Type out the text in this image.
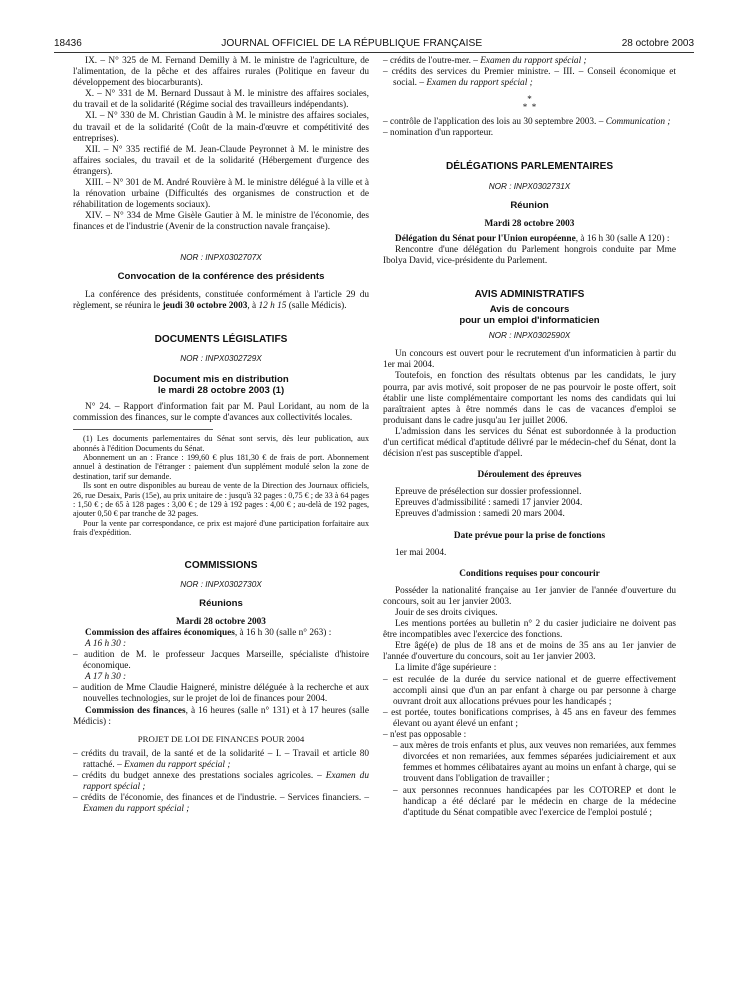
18436	JOURNAL OFFICIEL DE LA RÉPUBLIQUE FRANÇAISE	28 octobre 2003

IX. – N° 325 de M. Fernand Demilly à M. le ministre de l'agriculture, de l'alimentation, de la pêche et des affaires rurales (Politique en faveur du développement des biocarburants).

X. – N° 331 de M. Bernard Dussaut à M. le ministre des affaires sociales, du travail et de la solidarité (Régime social des travailleurs indépendants).

XI. – N° 330 de M. Christian Gaudin à M. le ministre des affaires sociales, du travail et de la solidarité (Coût de la main-d'œuvre et compétitivité des entreprises).

XII. – N° 335 rectifié de M. Jean-Claude Peyronnet à M. le ministre des affaires sociales, du travail et de la solidarité (Hébergement d'urgence des étrangers).

XIII. – N° 301 de M. André Rouvière à M. le ministre délégué à la ville et à la rénovation urbaine (Difficultés des organismes de construction et de réhabilitation de logements sociaux).

XIV. – N° 334 de Mme Gisèle Gautier à M. le ministre de l'économie, des finances et de l'industrie (Avenir de la construction navale française).

NOR : INPX0302707X

Convocation de la conférence des présidents

La conférence des présidents, constituée conformément à l'article 29 du règlement, se réunira le jeudi 30 octobre 2003, à 12 h 15 (salle Médicis).

DOCUMENTS LÉGISLATIFS

NOR : INPX0302729X

Document mis en distribution

le mardi 28 octobre 2003 (1)

N° 24. – Rapport d'information fait par M. Paul Loridant, au nom de la commission des finances, sur le compte d'avances aux collectivités locales.

(1) Les documents parlementaires du Sénat sont servis, dès leur publication, aux abonnés à l'édition Documents du Sénat.

Abonnement un an : France : 199,60 € plus 181,30 € de frais de port. Abonnement annuel à destination de l'étranger : paiement d'un supplément modulé selon la zone de destination, tarif sur demande.

Ils sont en outre disponibles au bureau de vente de la Direction des Journaux officiels, 26, rue Desaix, Paris (15e), au prix unitaire de : jusqu'à 32 pages : 0,75 € ; de 33 à 64 pages : 1,50 € ; de 65 à 128 pages : 3,00 € ; de 129 à 192 pages : 4,00 € ; au-delà de 192 pages, ajouter 0,50 € par tranche de 32 pages.

Pour la vente par correspondance, ce prix est majoré d'une participation forfaitaire aux frais d'expédition.

COMMISSIONS

NOR : INPX0302730X

Réunions

Mardi 28 octobre 2003

Commission des affaires économiques, à 16 h 30 (salle n° 263) :

A 16 h 30 :

– audition de M. le professeur Jacques Marseille, spécialiste d'histoire économique.

A 17 h 30 :

– audition de Mme Claudie Haigneré, ministre déléguée à la recherche et aux nouvelles technologies, sur le projet de loi de finances pour 2004.

Commission des finances, à 16 heures (salle n° 131) et à 17 heures (salle Médicis) :

PROJET DE LOI DE FINANCES POUR 2004

– crédits du travail, de la santé et de la solidarité – I. – Travail et article 80 rattaché. – Examen du rapport spécial ;

– crédits du budget annexe des prestations sociales agricoles. – Examen du rapport spécial ;

– crédits de l'économie, des finances et de l'industrie. – Services financiers. – Examen du rapport spécial ;

– crédits de l'outre-mer. – Examen du rapport spécial ;

– crédits des services du Premier ministre. – III. – Conseil économique et social. – Examen du rapport spécial ;

*
*  *

– contrôle de l'application des lois au 30 septembre 2003. – Communication ;

– nomination d'un rapporteur.

DÉLÉGATIONS PARLEMENTAIRES

NOR : INPX0302731X

Réunion

Mardi 28 octobre 2003

Délégation du Sénat pour l'Union européenne, à 16 h 30 (salle A 120) :

Rencontre d'une délégation du Parlement hongrois conduite par Mme Ibolya David, vice-présidente du Parlement.

AVIS ADMINISTRATIFS

Avis de concours

pour un emploi d'informaticien

NOR : INPX0302590X

Un concours est ouvert pour le recrutement d'un informaticien à partir du 1er mai 2004.

Toutefois, en fonction des résultats obtenus par les candidats, le jury pourra, par avis motivé, soit proposer de ne pas pourvoir le poste offert, soit établir une liste complémentaire comportant les noms des candidats qui lui paraîtraient aptes à être nommés dans le cas de vacances d'emploi se produisant dans le cadre jusqu'au 1er juillet 2006.

L'admission dans les services du Sénat est subordonnée à la production d'un certificat médical d'aptitude délivré par le médecin-chef du Sénat, dont la décision n'est pas susceptible d'appel.

Déroulement des épreuves

Epreuve de présélection sur dossier professionnel.

Epreuves d'admissibilité : samedi 17 janvier 2004.

Epreuves d'admission : samedi 20 mars 2004.

Date prévue pour la prise de fonctions

1er mai 2004.

Conditions requises pour concourir

Posséder la nationalité française au 1er janvier de l'année d'ouverture du concours, soit au 1er janvier 2003.

Jouir de ses droits civiques.

Les mentions portées au bulletin n° 2 du casier judiciaire ne doivent pas être incompatibles avec l'exercice des fonctions.

Etre âgé(e) de plus de 18 ans et de moins de 35 ans au 1er janvier de l'année d'ouverture du concours, soit au 1er janvier 2003.

La limite d'âge supérieure :

– est reculée de la durée du service national et de guerre effectivement accompli ainsi que d'un an par enfant à charge ou par personne à charge ouvrant droit aux allocations prévues pour les handicapés ;

– est portée, toutes bonifications comprises, à 45 ans en faveur des femmes élevant ou ayant élevé un enfant ;

– n'est pas opposable :

– aux mères de trois enfants et plus, aux veuves non remariées, aux femmes divorcées et non remariées, aux femmes séparées judiciairement et aux femmes et hommes célibataires ayant au moins un enfant à charge, qui se trouvent dans l'obligation de travailler ;

– aux personnes reconnues handicapées par les COTOREP et dont le handicap a été déclaré par le médecin en charge de la médecine d'aptitude du Sénat compatible avec l'exercice de l'emploi postulé ;
